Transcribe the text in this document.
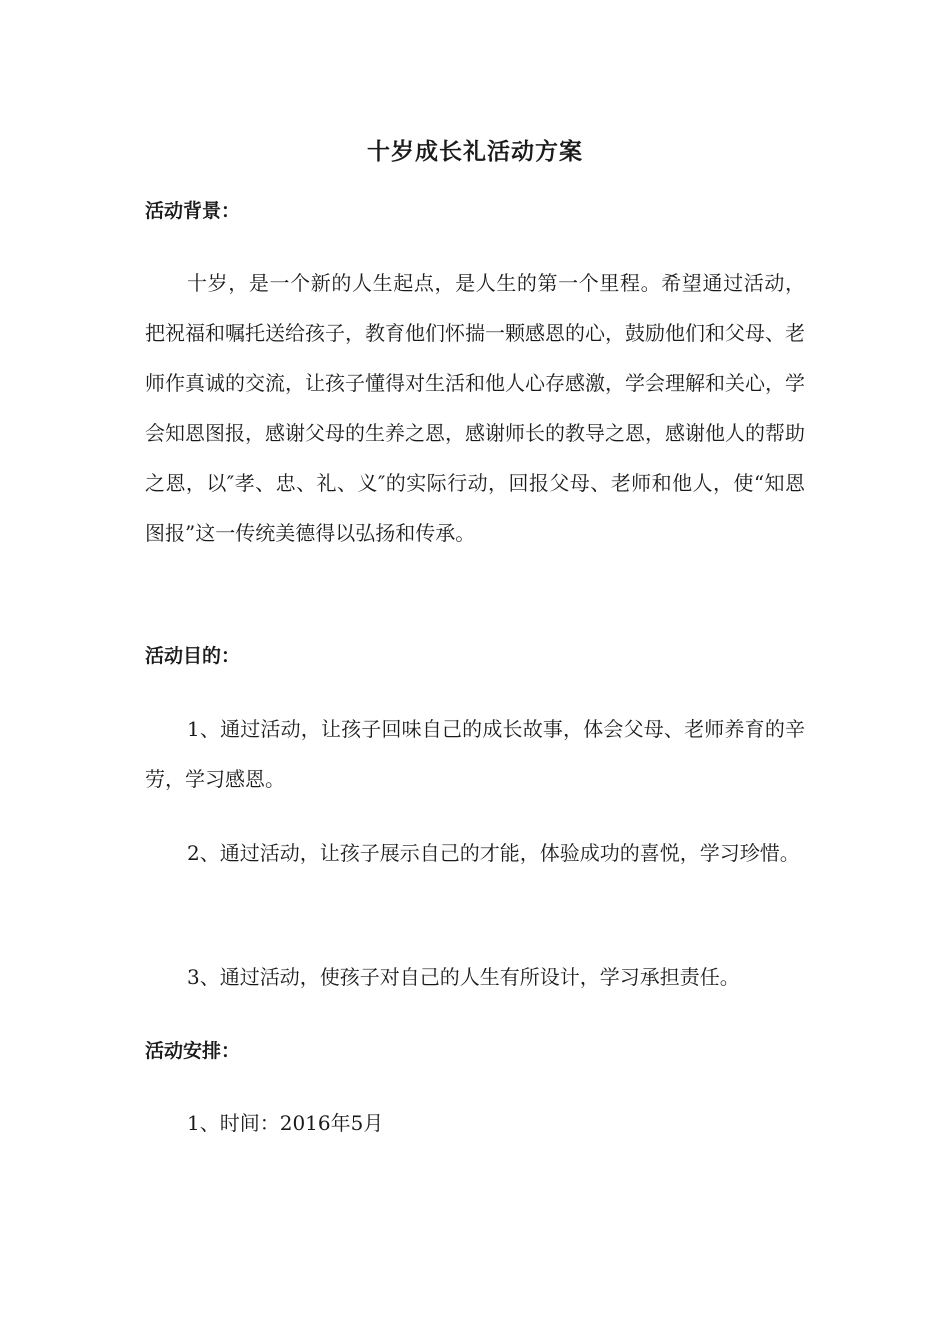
十岁成长礼活动方案
活动背景：
十岁，是一个新的人生起点，是人生的第一个里程。希望通过活动，把祝福和嘱托送给孩子，教育他们怀揣一颗感恩的心，鼓励他们和父母、老师作真诚的交流，让孩子懂得对生活和他人心存感激，学会理解和关心，学会知恩图报，感谢父母的生养之恩，感谢师长的教导之恩，感谢他人的帮助之恩，以″孝、忠、礼、义″的实际行动，回报父母、老师和他人，使“知恩图报”这一传统美德得以弘扬和传承。
活动目的：
1、通过活动，让孩子回味自己的成长故事，体会父母、老师养育的辛劳，学习感恩。
2、通过活动，让孩子展示自己的才能，体验成功的喜悦，学习珍惜。
3、通过活动，使孩子对自己的人生有所设计，学习承担责任。
活动安排：
1、时间：2016年5月
